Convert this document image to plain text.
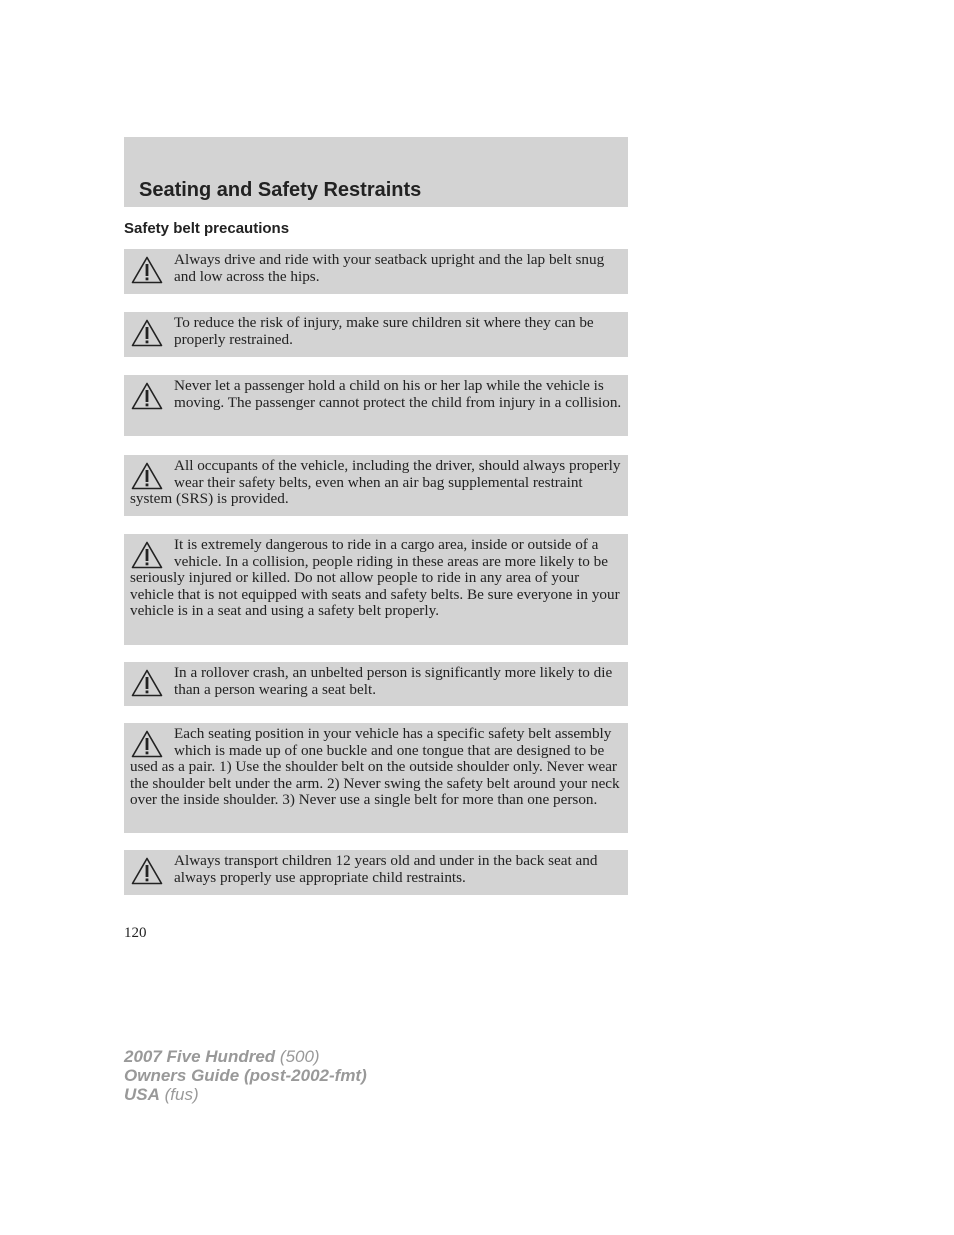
Seating and Safety Restraints
Safety belt precautions
Always drive and ride with your seatback upright and the lap belt snug and low across the hips.
To reduce the risk of injury, make sure children sit where they can be properly restrained.
Never let a passenger hold a child on his or her lap while the vehicle is moving. The passenger cannot protect the child from injury in a collision.
All occupants of the vehicle, including the driver, should always properly wear their safety belts, even when an air bag supplemental restraint system (SRS) is provided.
It is extremely dangerous to ride in a cargo area, inside or outside of a vehicle. In a collision, people riding in these areas are more likely to be seriously injured or killed. Do not allow people to ride in any area of your vehicle that is not equipped with seats and safety belts. Be sure everyone in your vehicle is in a seat and using a safety belt properly.
In a rollover crash, an unbelted person is significantly more likely to die than a person wearing a seat belt.
Each seating position in your vehicle has a specific safety belt assembly which is made up of one buckle and one tongue that are designed to be used as a pair. 1) Use the shoulder belt on the outside shoulder only. Never wear the shoulder belt under the arm. 2) Never swing the safety belt around your neck over the inside shoulder. 3) Never use a single belt for more than one person.
Always transport children 12 years old and under in the back seat and always properly use appropriate child restraints.
120
2007 Five Hundred (500)
Owners Guide (post-2002-fmt)
USA (fus)
